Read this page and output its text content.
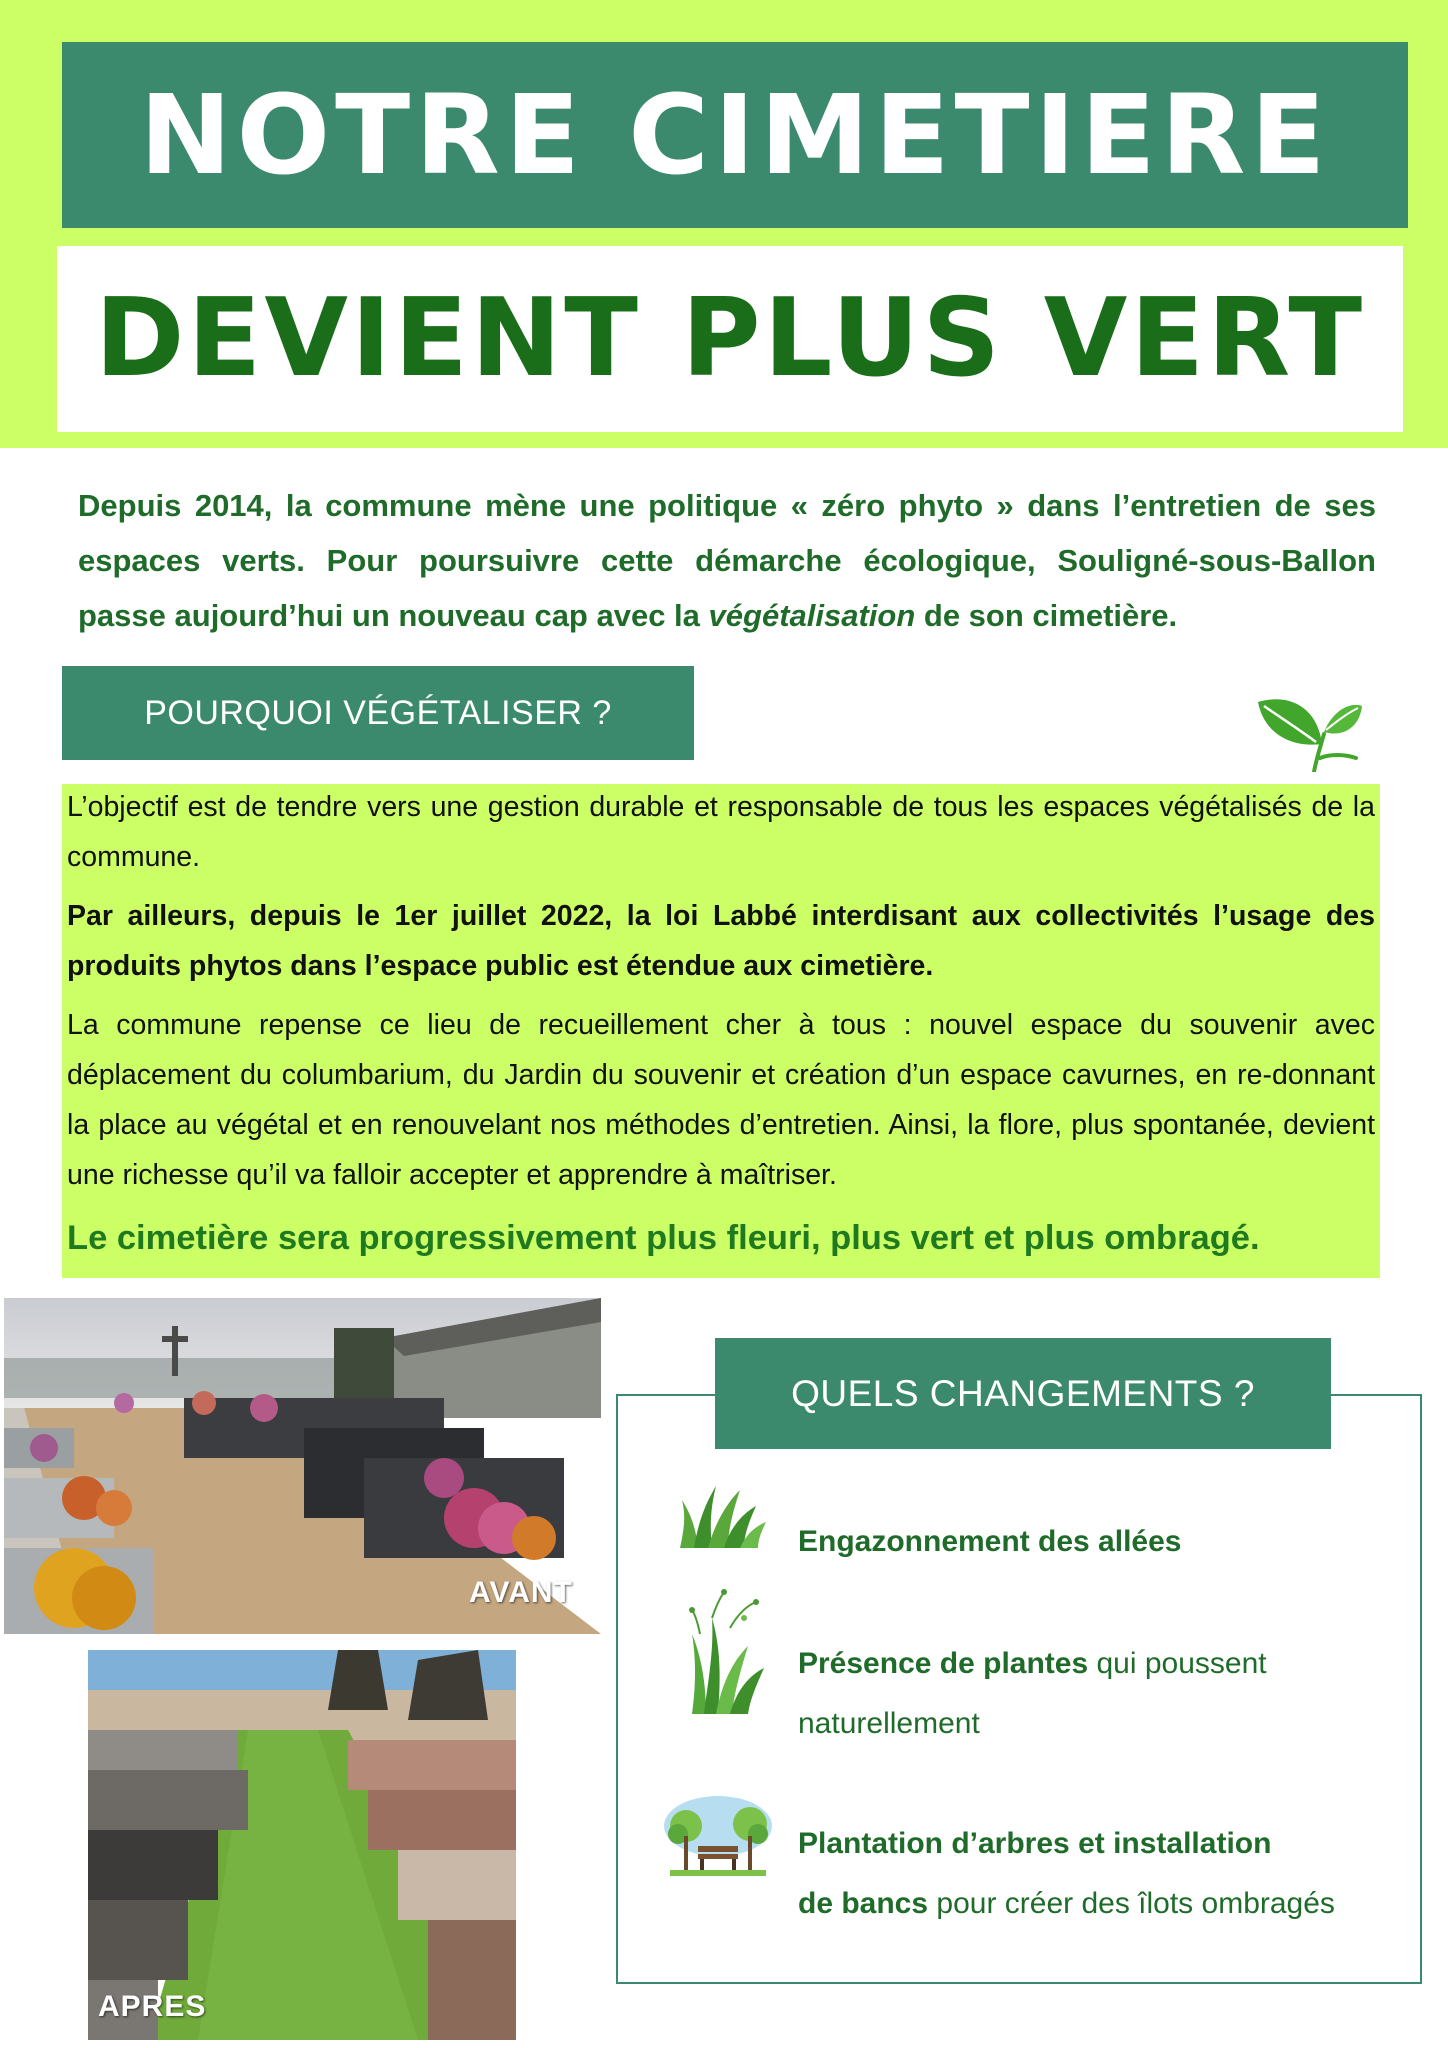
NOTRE CIMETIERE
DEVIENT PLUS VERT

Depuis 2014, la commune mène une politique « zéro phyto » dans l’entretien de ses espaces verts. Pour poursuivre cette démarche écologique, Souligné-sous-Ballon passe aujourd’hui un nouveau cap avec la végétalisation de son cimetière.

POURQUOI VÉGÉTALISER ?

L’objectif est de tendre vers une gestion durable et responsable de tous les espaces végétalisés de la commune.

Par ailleurs, depuis le 1er juillet 2022, la loi Labbé interdisant aux collectivités l’usage des produits phytos dans l’espace public est étendue aux cimetière.

La commune repense ce lieu de recueillement cher à tous : nouvel espace du souvenir avec déplacement du columbarium, du Jardin du souvenir et création d’un espace cavurnes, en re-donnant la place au végétal et en renouvelant nos méthodes d’entretien. Ainsi, la flore, plus spontanée, devient une richesse qu’il va falloir accepter et apprendre à maîtriser.

Le cimetière sera progressivement plus fleuri, plus vert et plus ombragé.

AVANT
APRES
QUELS CHANGEMENTS ?
Engazonnement des allées
Présence de plantes qui poussent
naturellement
Plantation d’arbres et installation
de bancs pour créer des îlots ombragés
